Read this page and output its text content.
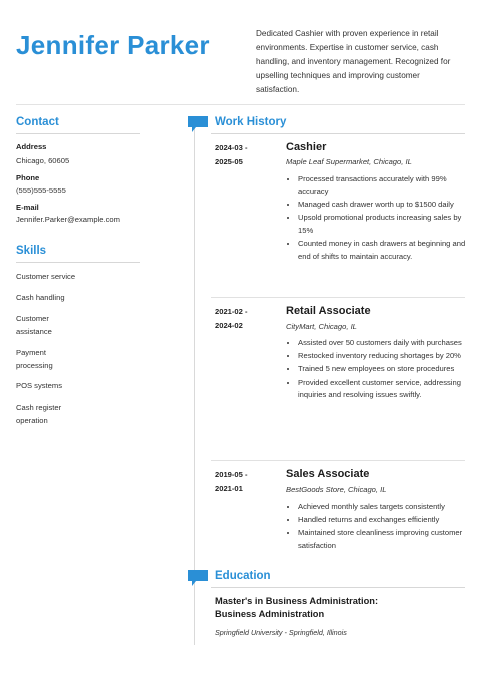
Jennifer Parker	Dedicated Cashier with proven experience in retail environments. Expertise in customer service, cash handling, and inventory management. Recognized for upselling techniques and improving customer satisfaction.
Contact
Address
Chicago, 60605
Phone
(555)555-5555
E-mail
Jennifer.Parker@example.com
Skills
Customer service
Cash handling
Customer assistance
Payment processing
POS systems
Cash register operation
Work History
2024-03 -
2025-05
Cashier
Maple Leaf Supermarket, Chicago, IL
• Processed transactions accurately with 99% accuracy
• Managed cash drawer worth up to $1500 daily
• Upsold promotional products increasing sales by 15%
• Counted money in cash drawers at beginning and end of shifts to maintain accuracy.
2021-02 -
2024-02
Retail Associate
CityMart, Chicago, IL
• Assisted over 50 customers daily with purchases
• Restocked inventory reducing shortages by 20%
• Trained 5 new employees on store procedures
• Provided excellent customer service, addressing inquiries and resolving issues swiftly.
2019-05 -
2021-01
Sales Associate
BestGoods Store, Chicago, IL
• Achieved monthly sales targets consistently
• Handled returns and exchanges efficiently
• Maintained store cleanliness improving customer satisfaction
Education
Master's in Business Administration: Business Administration
Springfield University - Springfield, Illinois
